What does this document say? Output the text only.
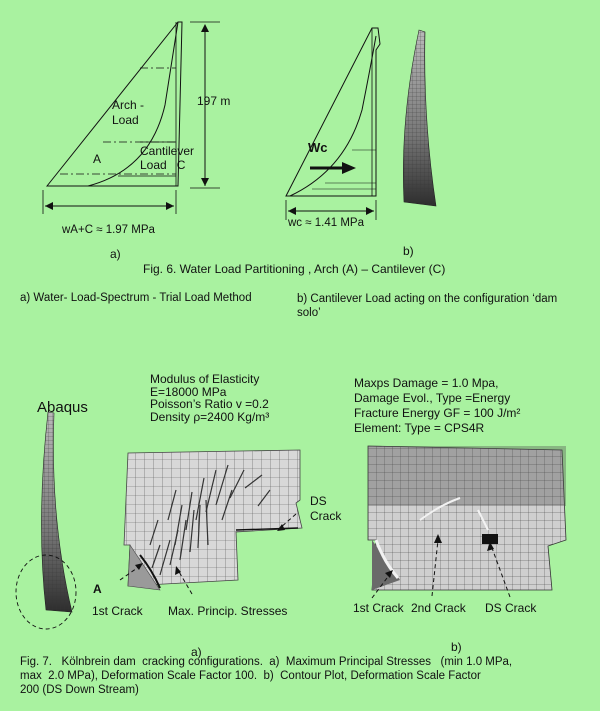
197 m
Arch -
Load
A
Cantilever
Load   C
wA+C ≈ 1.97 MPa
a)
Wc
wc ≈ 1.41 MPa
b)
Fig. 6. Water Load Partitioning , Arch (A) – Cantilever (C)
a) Water- Load-Spectrum - Trial Load Method	b) Cantilever Load acting on the configuration ‘dam solo’
Abaqus
Modulus of Elasticity
E=18000 MPa
Poisson’s Ratio v =0.2
Density ρ=2400 Kg/m³
Maxps Damage = 1.0 Mpa,
Damage Evol., Type =Energy
Fracture Energy GF = 100 J/m²
Element: Type = CPS4R
A
1st Crack Max. Princip. Stresses
DS
Crack
1st Crack 2nd Crack DS Crack
a)	b)
Fig. 7.   Kölnbrein dam  cracking configurations.  a)  Maximum Principal Stresses   (min 1.0 MPa,
max  2.0 MPa), Deformation Scale Factor 100.  b)  Contour Plot, Deformation Scale Factor
200 (DS Down Stream)
